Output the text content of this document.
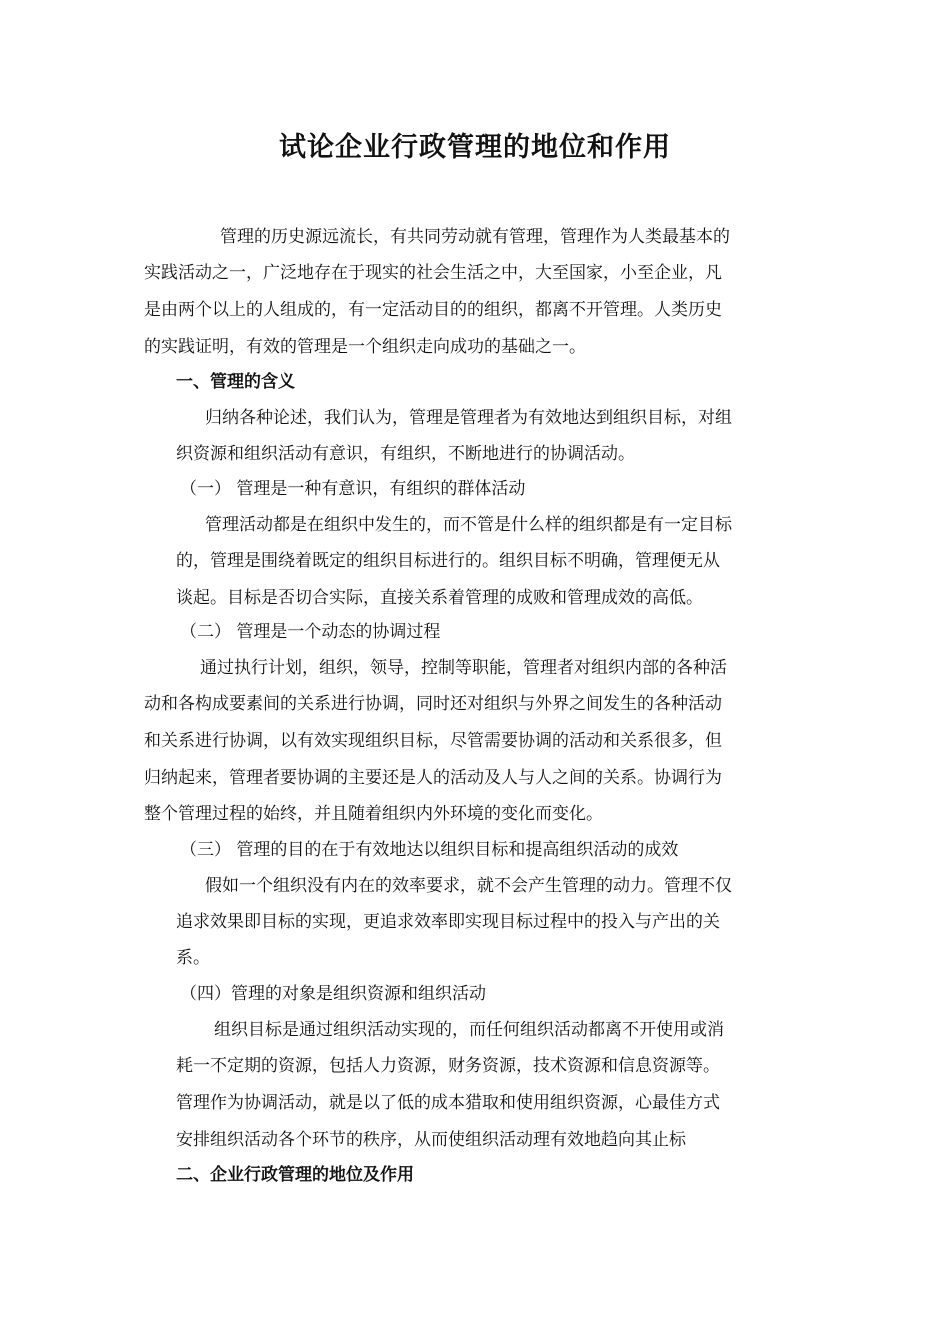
试论企业行政管理的地位和作用
管理的历史源远流长，有共同劳动就有管理，管理作为人类最基本的
实践活动之一，广泛地存在于现实的社会生活之中，大至国家，小至企业，凡
是由两个以上的人组成的，有一定活动目的的组织，都离不开管理。人类历史
的实践证明，有效的管理是一个组织走向成功的基础之一。
一、管理的含义
归纳各种论述，我们认为，管理是管理者为有效地达到组织目标，对组
织资源和组织活动有意识，有组织，不断地进行的协调活动。
（一） 管理是一种有意识，有组织的群体活动
管理活动都是在组织中发生的，而不管是什么样的组织都是有一定目标
的，管理是围绕着既定的组织目标进行的。组织目标不明确，管理便无从
谈起。目标是否切合实际，直接关系着管理的成败和管理成效的高低。
（二） 管理是一个动态的协调过程
通过执行计划，组织，领导，控制等职能，管理者对组织内部的各种活
动和各构成要素间的关系进行协调，同时还对组织与外界之间发生的各种活动
和关系进行协调，以有效实现组织目标，尽管需要协调的活动和关系很多，但
归纳起来，管理者要协调的主要还是人的活动及人与人之间的关系。协调行为
整个管理过程的始终，并且随着组织内外环境的变化而变化。
（三） 管理的目的在于有效地达以组织目标和提高组织活动的成效
假如一个组织没有内在的效率要求，就不会产生管理的动力。管理不仅
追求效果即目标的实现，更追求效率即实现目标过程中的投入与产出的关
系。
（四）管理的对象是组织资源和组织活动
组织目标是通过组织活动实现的，而任何组织活动都离不开使用或消
耗一不定期的资源，包括人力资源，财务资源，技术资源和信息资源等。
管理作为协调活动，就是以了低的成本猎取和使用组织资源，心最佳方式
安排组织活动各个环节的秩序，从而使组织活动理有效地趋向其止标
二、企业行政管理的地位及作用
